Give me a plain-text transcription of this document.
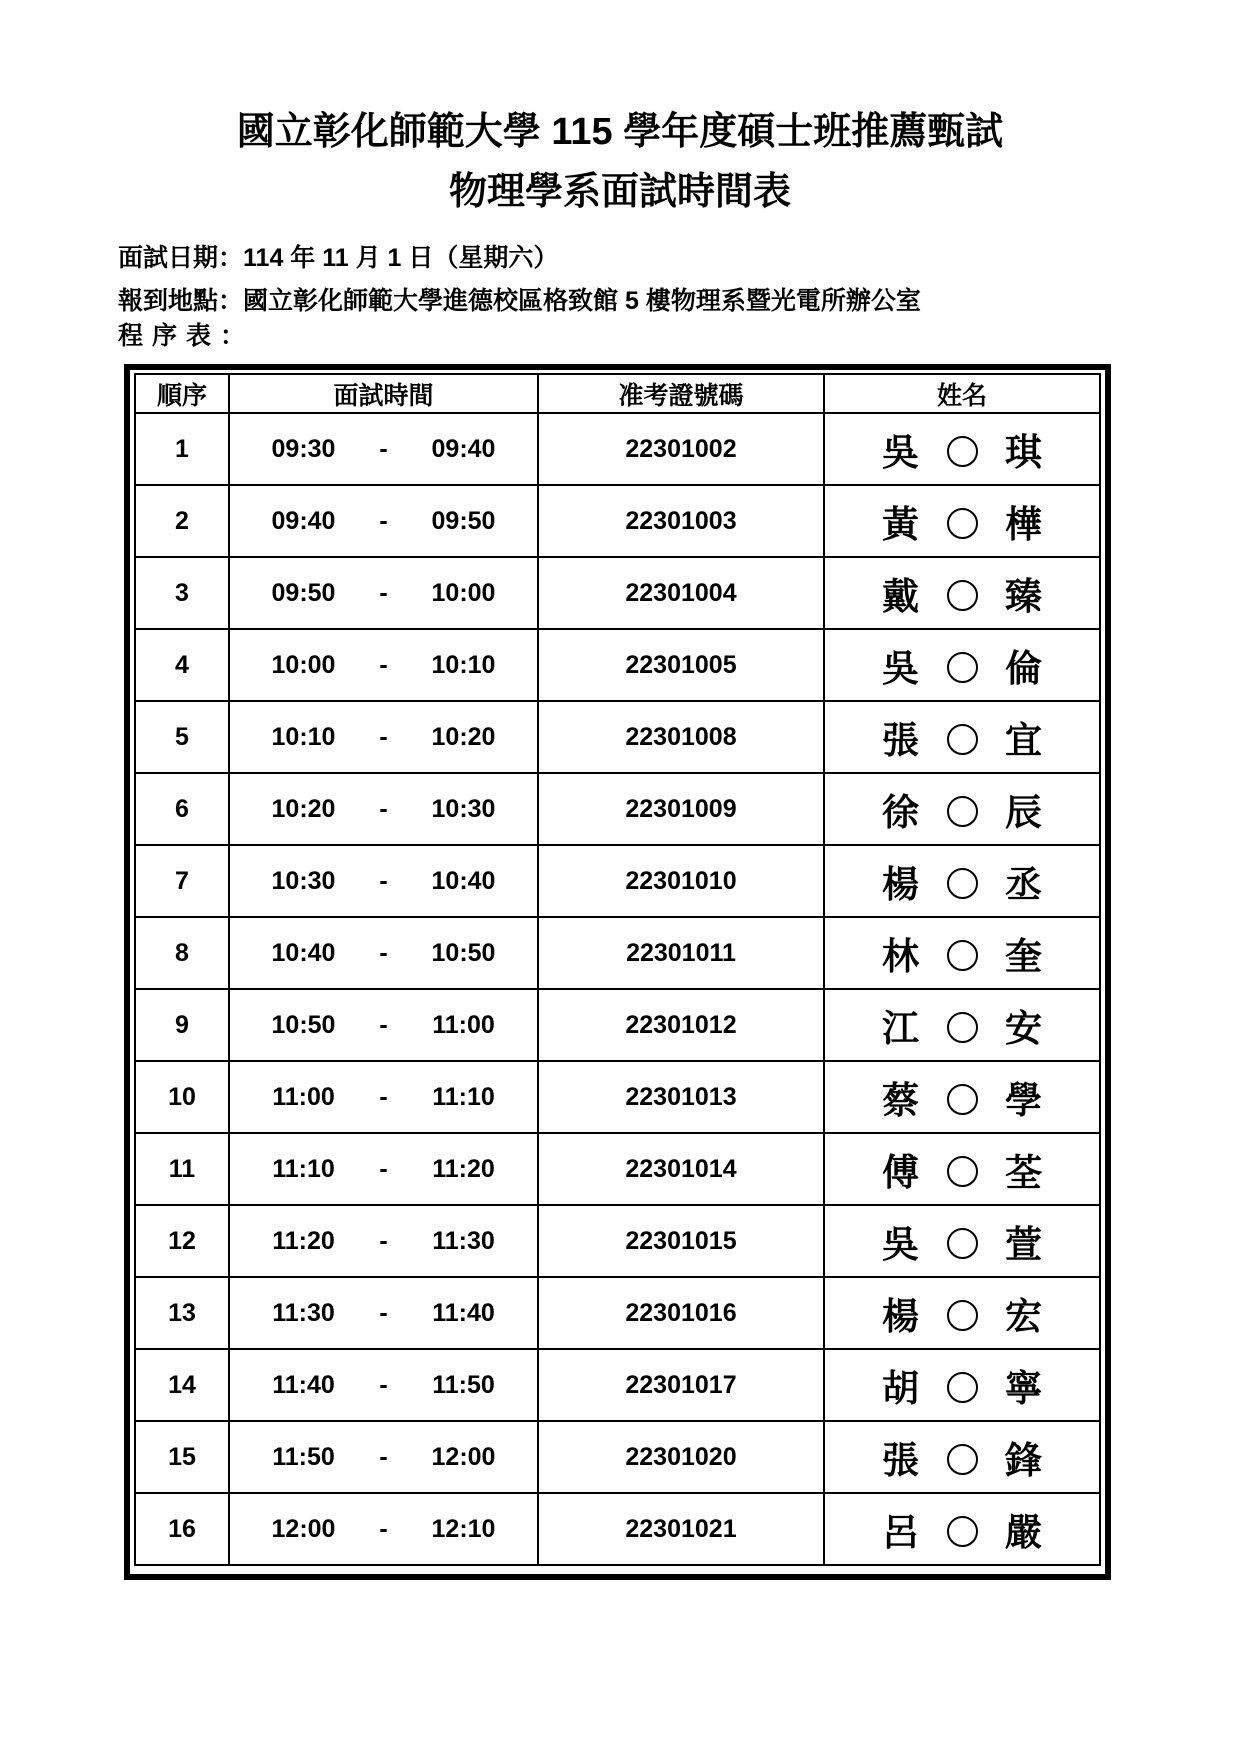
國立彰化師範大學 115 學年度碩士班推薦甄試
物理學系面試時間表
面試日期：114 年 11 月 1 日（星期六）
報到地點：國立彰化師範大學進德校區格致館 5 樓物理系暨光電所辦公室
程序表：
順序	面試時間	准考證號碼	姓名
1	09:30 - 09:40	22301002	吳 琪
2	09:40 - 09:50	22301003	黃 樺
3	09:50 - 10:00	22301004	戴 臻
4	10:00 - 10:10	22301005	吳 倫
5	10:10 - 10:20	22301008	張 宜
6	10:20 - 10:30	22301009	徐 辰
7	10:30 - 10:40	22301010	楊 丞
8	10:40 - 10:50	22301011	林 奎
9	10:50 - 11:00	22301012	江 安
10	11:00 - 11:10	22301013	蔡 學
11	11:10 - 11:20	22301014	傅 荃
12	11:20 - 11:30	22301015	吳 萱
13	11:30 - 11:40	22301016	楊 宏
14	11:40 - 11:50	22301017	胡 寧
15	11:50 - 12:00	22301020	張 鋒
16	12:00 - 12:10	22301021	呂 嚴
